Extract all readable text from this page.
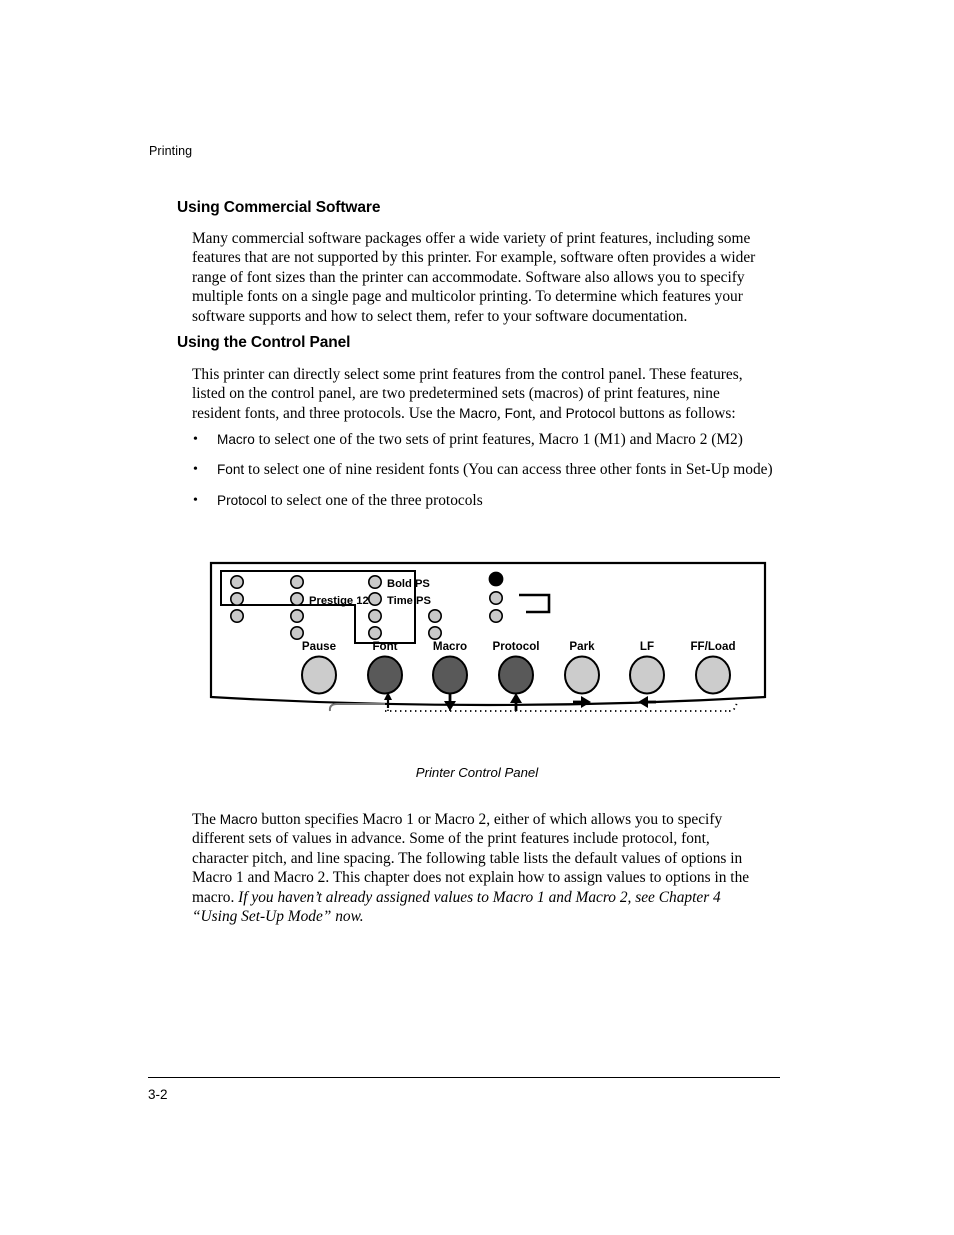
Printing
Using Commercial Software
Many commercial software packages offer a wide variety of print features, including some features that are not supported by this printer. For example, software often provides a wider range of font sizes than the printer can accommodate. Software also allows you to specify multiple fonts on a single page and multicolor printing. To determine which features your software supports and how to select them, refer to your software documentation.
Using the Control Panel
This printer can directly select some print features from the control panel. These features, listed on the control panel, are two predetermined sets (macros) of print features, nine resident fonts, and three protocols. Use the Macro, Font, and Protocol buttons as follows:
• Macro to select one of the two sets of print features, Macro 1 (M1) and Macro 2 (M2)
• Font to select one of nine resident fonts (You can access three other fonts in Set-Up mode)
• Protocol to select one of the three protocols
Prestige 12
Bold PS
Time PS
Pause	Font	Macro Protocol	Park	LF	FF/Load
Printer Control Panel
The Macro button specifies Macro 1 or Macro 2, either of which allows you to specify different sets of values in advance. Some of the print features include protocol, font, character pitch, and line spacing. The following table lists the default values of options in Macro 1 and Macro 2. This chapter does not explain how to assign values to options in the macro. If you haven’t already assigned values to Macro 1 and Macro 2, see Chapter 4 “Using Set-Up Mode” now.
3-2
